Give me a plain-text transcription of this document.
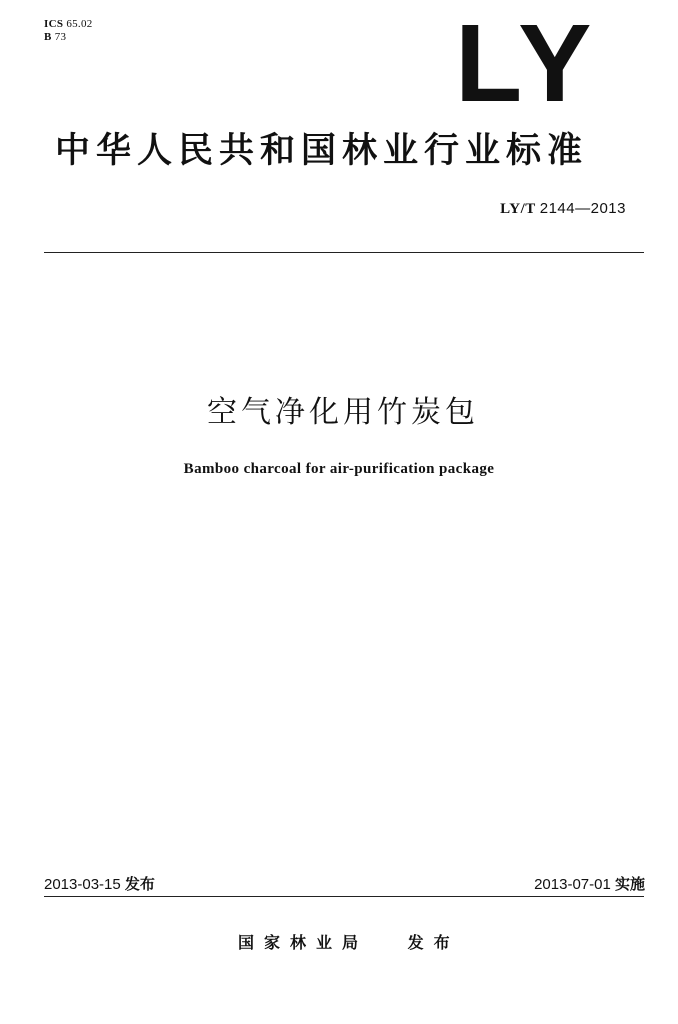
ICS 65.02
B 73	LY
中华人民共和国林业行业标准
LY/T 2144—2013
空气净化用竹炭包
Bamboo charcoal for air-purification package
2013-03-15 发布	2013-07-01 实施
国家林业局 发布
